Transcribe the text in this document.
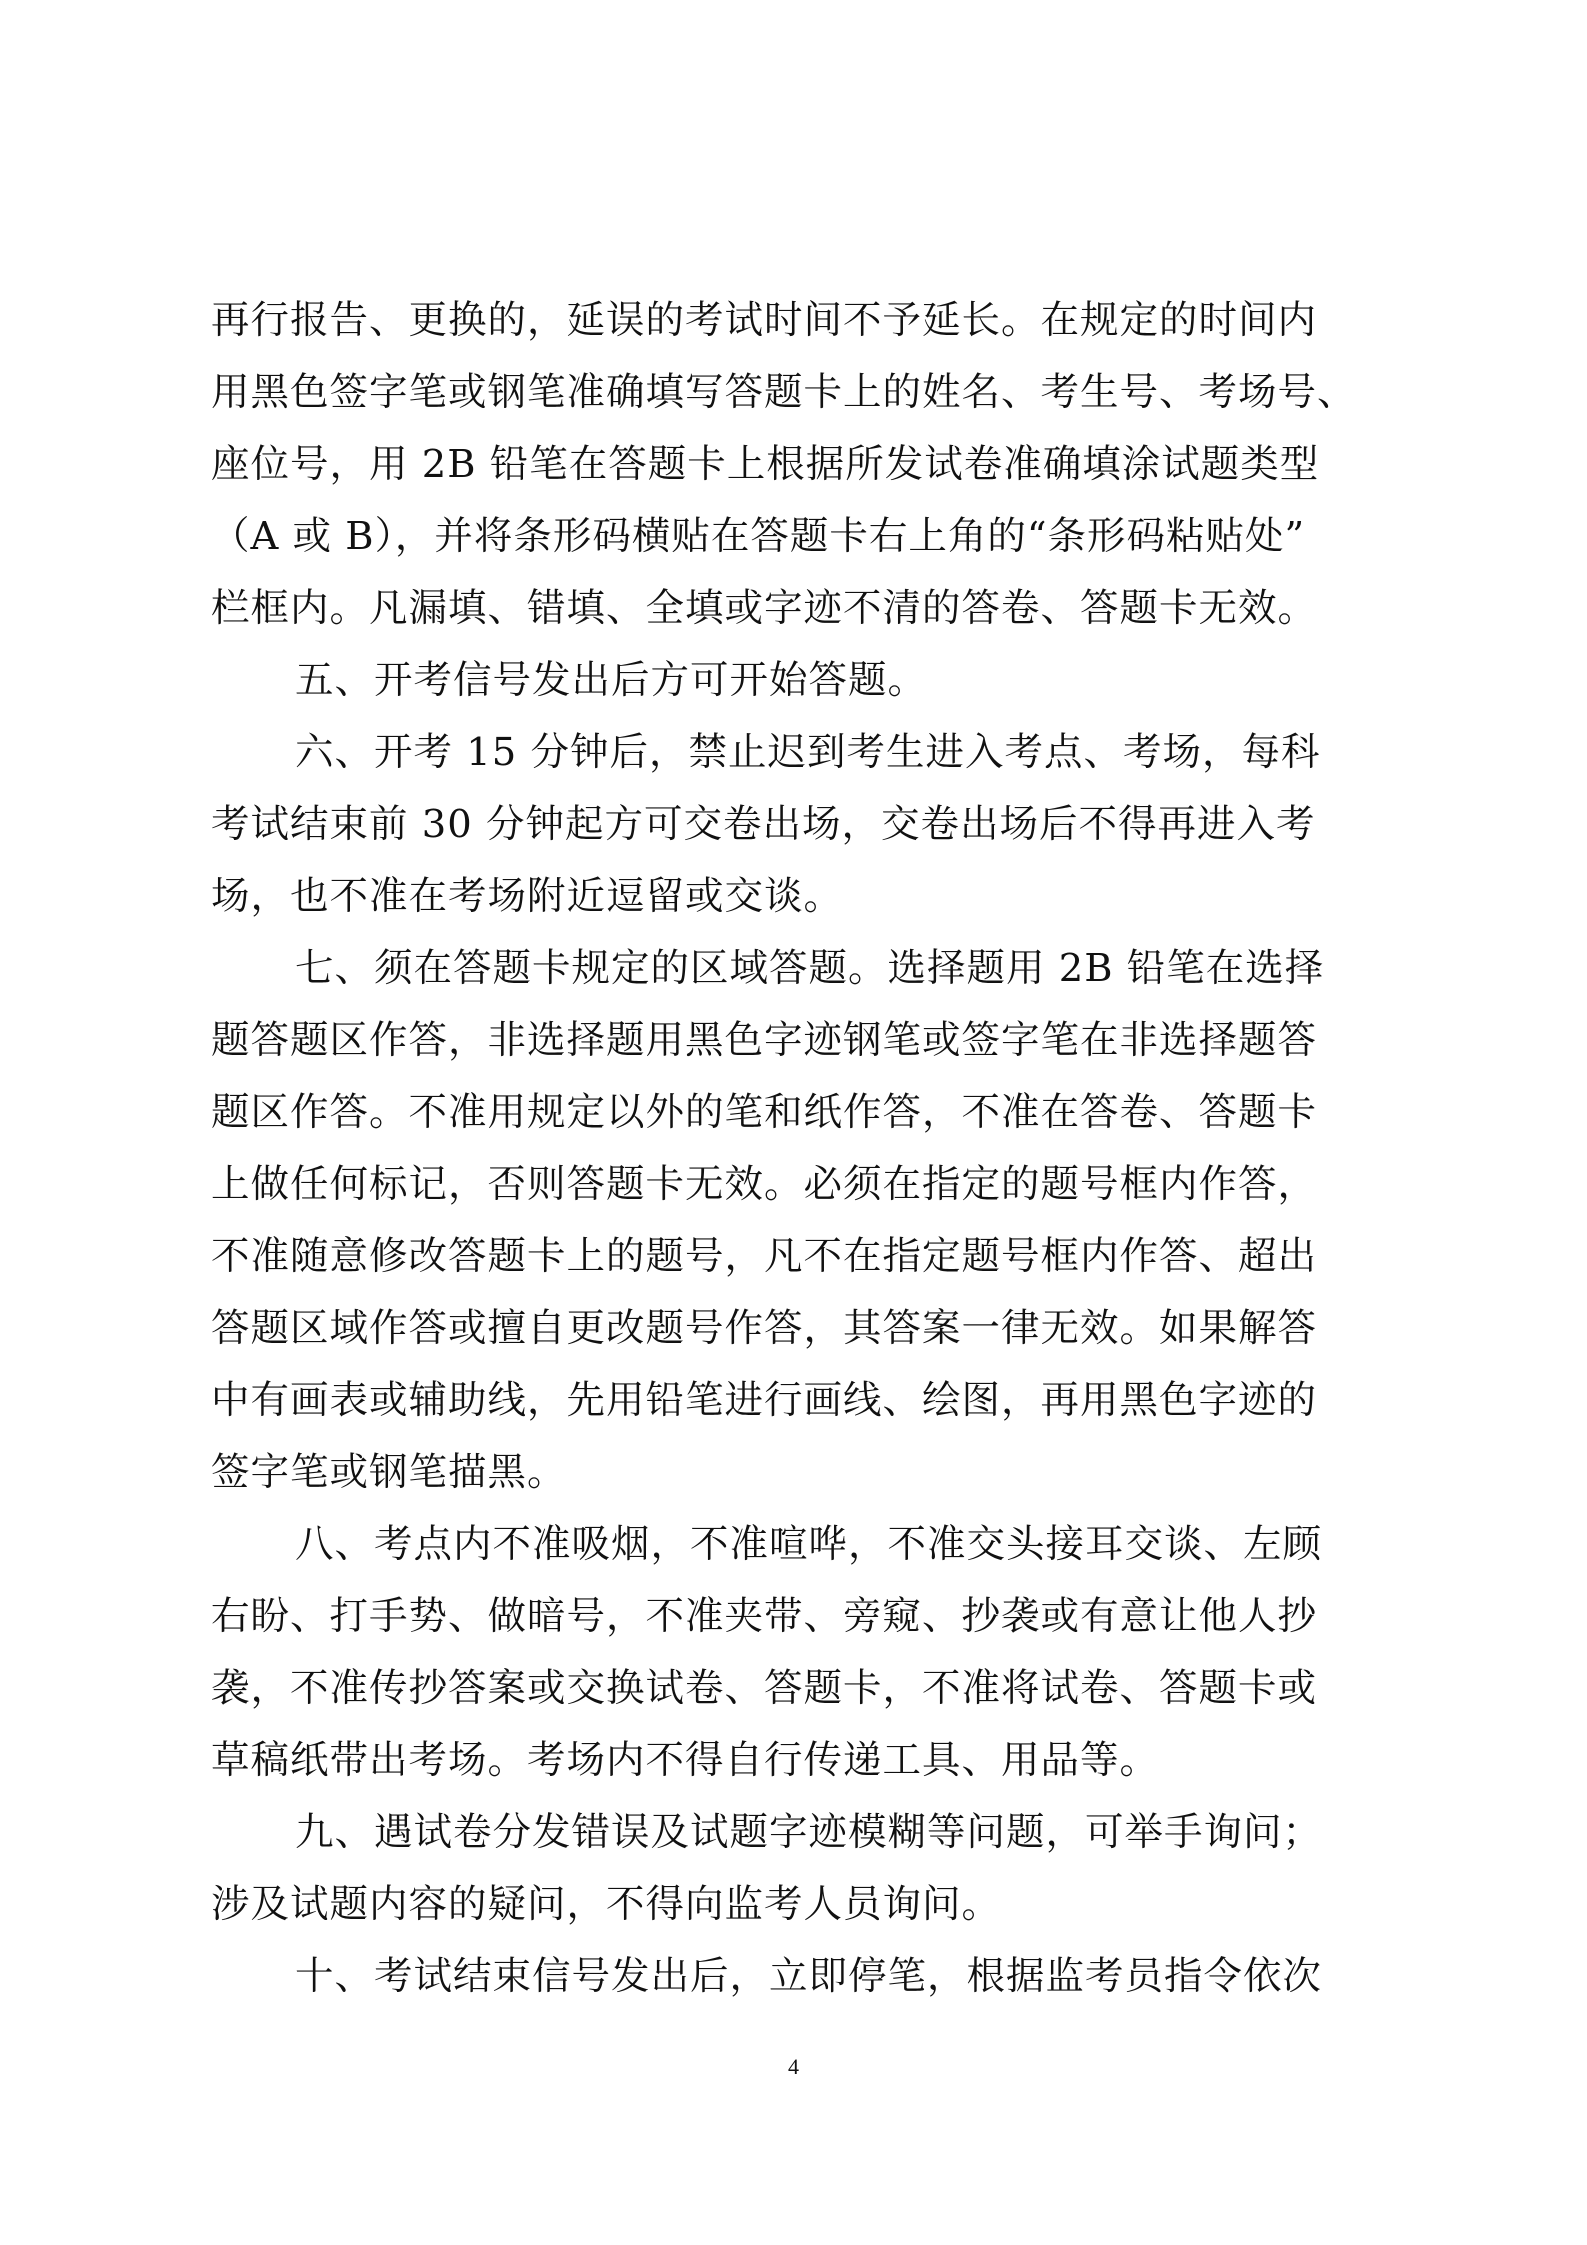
再行报告、更换的，延误的考试时间不予延长。在规定的时间内
用黑色签字笔或钢笔准确填写答题卡上的姓名、考生号、考场号、
座位号，用 2B 铅笔在答题卡上根据所发试卷准确填涂试题类型
（A 或 B），并将条形码横贴在答题卡右上角的“条形码粘贴处”
栏框内。凡漏填、错填、全填或字迹不清的答卷、答题卡无效。
五、开考信号发出后方可开始答题。
六、开考 15 分钟后，禁止迟到考生进入考点、考场，每科
考试结束前 30 分钟起方可交卷出场，交卷出场后不得再进入考
场，也不准在考场附近逗留或交谈。
七、须在答题卡规定的区域答题。选择题用 2B 铅笔在选择
题答题区作答，非选择题用黑色字迹钢笔或签字笔在非选择题答
题区作答。不准用规定以外的笔和纸作答，不准在答卷、答题卡
上做任何标记，否则答题卡无效。必须在指定的题号框内作答，
不准随意修改答题卡上的题号，凡不在指定题号框内作答、超出
答题区域作答或擅自更改题号作答，其答案一律无效。如果解答
中有画表或辅助线，先用铅笔进行画线、绘图，再用黑色字迹的
签字笔或钢笔描黑。
八、考点内不准吸烟，不准喧哗，不准交头接耳交谈、左顾
右盼、打手势、做暗号，不准夹带、旁窥、抄袭或有意让他人抄
袭，不准传抄答案或交换试卷、答题卡，不准将试卷、答题卡或
草稿纸带出考场。考场内不得自行传递工具、用品等。
九、遇试卷分发错误及试题字迹模糊等问题，可举手询问；
涉及试题内容的疑问，不得向监考人员询问。
十、考试结束信号发出后，立即停笔，根据监考员指令依次
4
